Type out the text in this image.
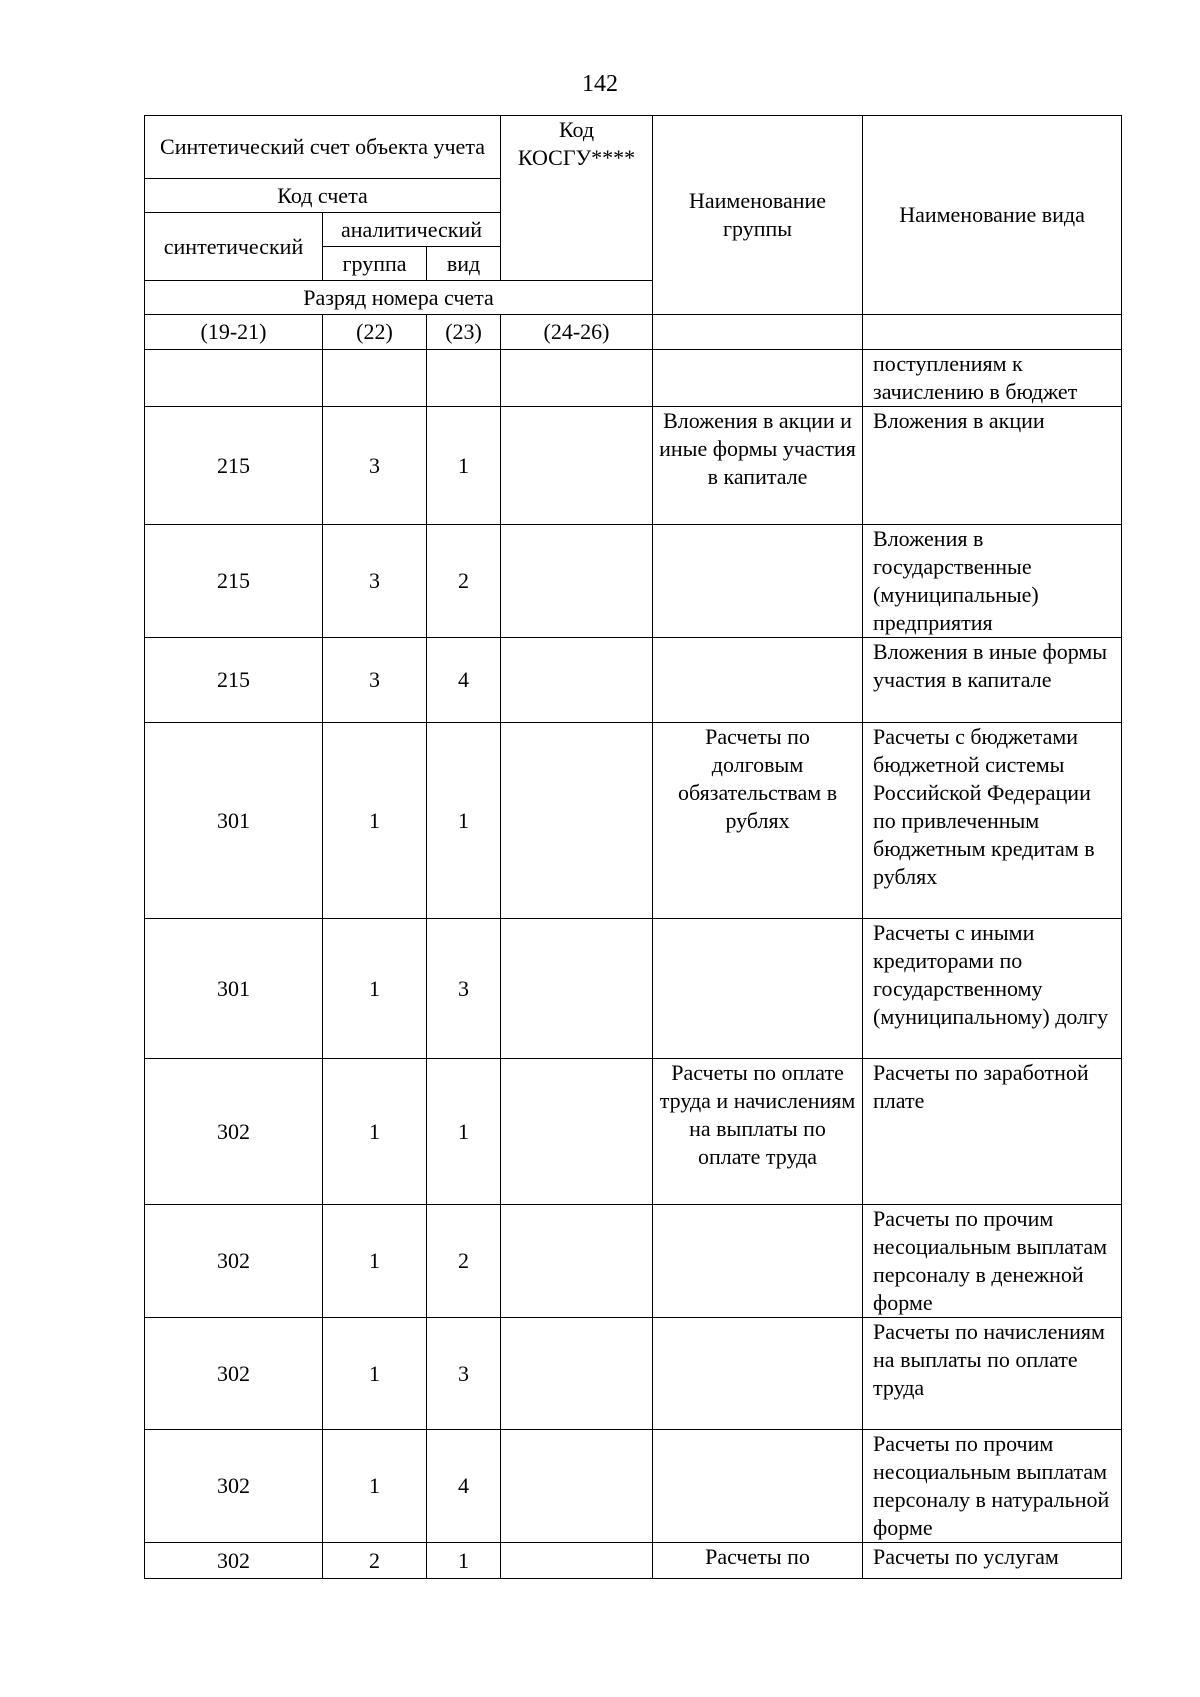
142
Синтетический счет объекта учета			Код КОСГУ****	Наименование группы	Наименование вида
Код счета					
синтетический	аналитический				
	группа	вид			
Разряд номера счета					
(19-21)	(22)	(23)	(24-26)		
					поступлениям к зачислению в бюджет
215	3	1		Вложения в акции и иные формы участия в капитале	Вложения в акции
215	3	2			Вложения в государственные (муниципальные) предприятия
215	3	4			Вложения в иные формы участия в капитале
301	1	1		Расчеты по долговым обязательствам в рублях	Расчеты с бюджетами бюджетной системы Российской Федерации по привлеченным бюджетным кредитам в рублях
301	1	3			Расчеты с иными кредиторами по государственному (муниципальному) долгу
302	1	1		Расчеты по оплате труда и начислениям на выплаты по оплате труда	Расчеты по заработной плате
302	1	2			Расчеты по прочим несоциальным выплатам персоналу в денежной форме
302	1	3			Расчеты по начислениям на выплаты по оплате труда
302	1	4			Расчеты по прочим несоциальным выплатам персоналу в натуральной форме
302	2	1		Расчеты по	Расчеты по услугам
